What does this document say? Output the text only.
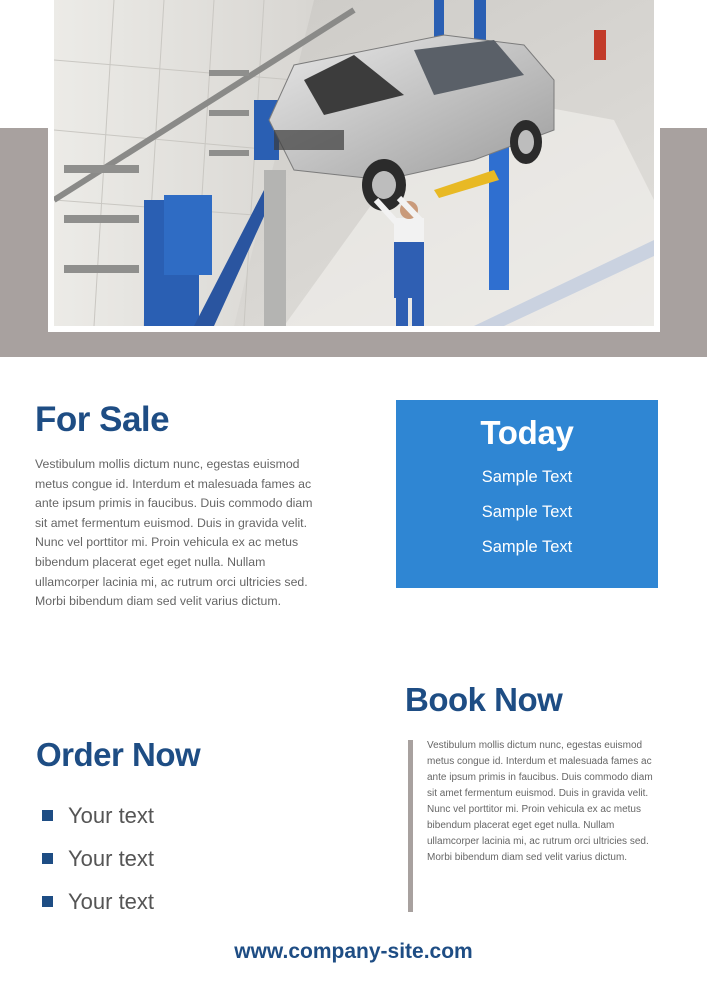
For Sale

Vestibulum mollis dictum nunc, egestas euismod metus congue id. Interdum et malesuada fames ac ante ipsum primis in faucibus. Duis commodo diam sit amet fermentum euismod. Duis in gravida velit. Nunc vel porttitor mi. Proin vehicula ex ac metus bibendum placerat eget eget nulla. Nullam ullamcorper lacinia mi, ac rutrum orci ultricies sed. Morbi bibendum diam sed velit varius dictum.

Today
Sample Text
Sample Text
Sample Text
Book Now

Vestibulum mollis dictum nunc, egestas euismod metus congue id. Interdum et malesuada fames ac ante ipsum primis in faucibus. Duis commodo diam sit amet fermentum euismod. Duis in gravida velit. Nunc vel porttitor mi. Proin vehicula ex ac metus bibendum placerat eget eget nulla. Nullam ullamcorper lacinia mi, ac rutrum orci ultricies sed. Morbi bibendum diam sed velit varius dictum.

Order Now
Your text
Your text
Your text
www.company-site.com
